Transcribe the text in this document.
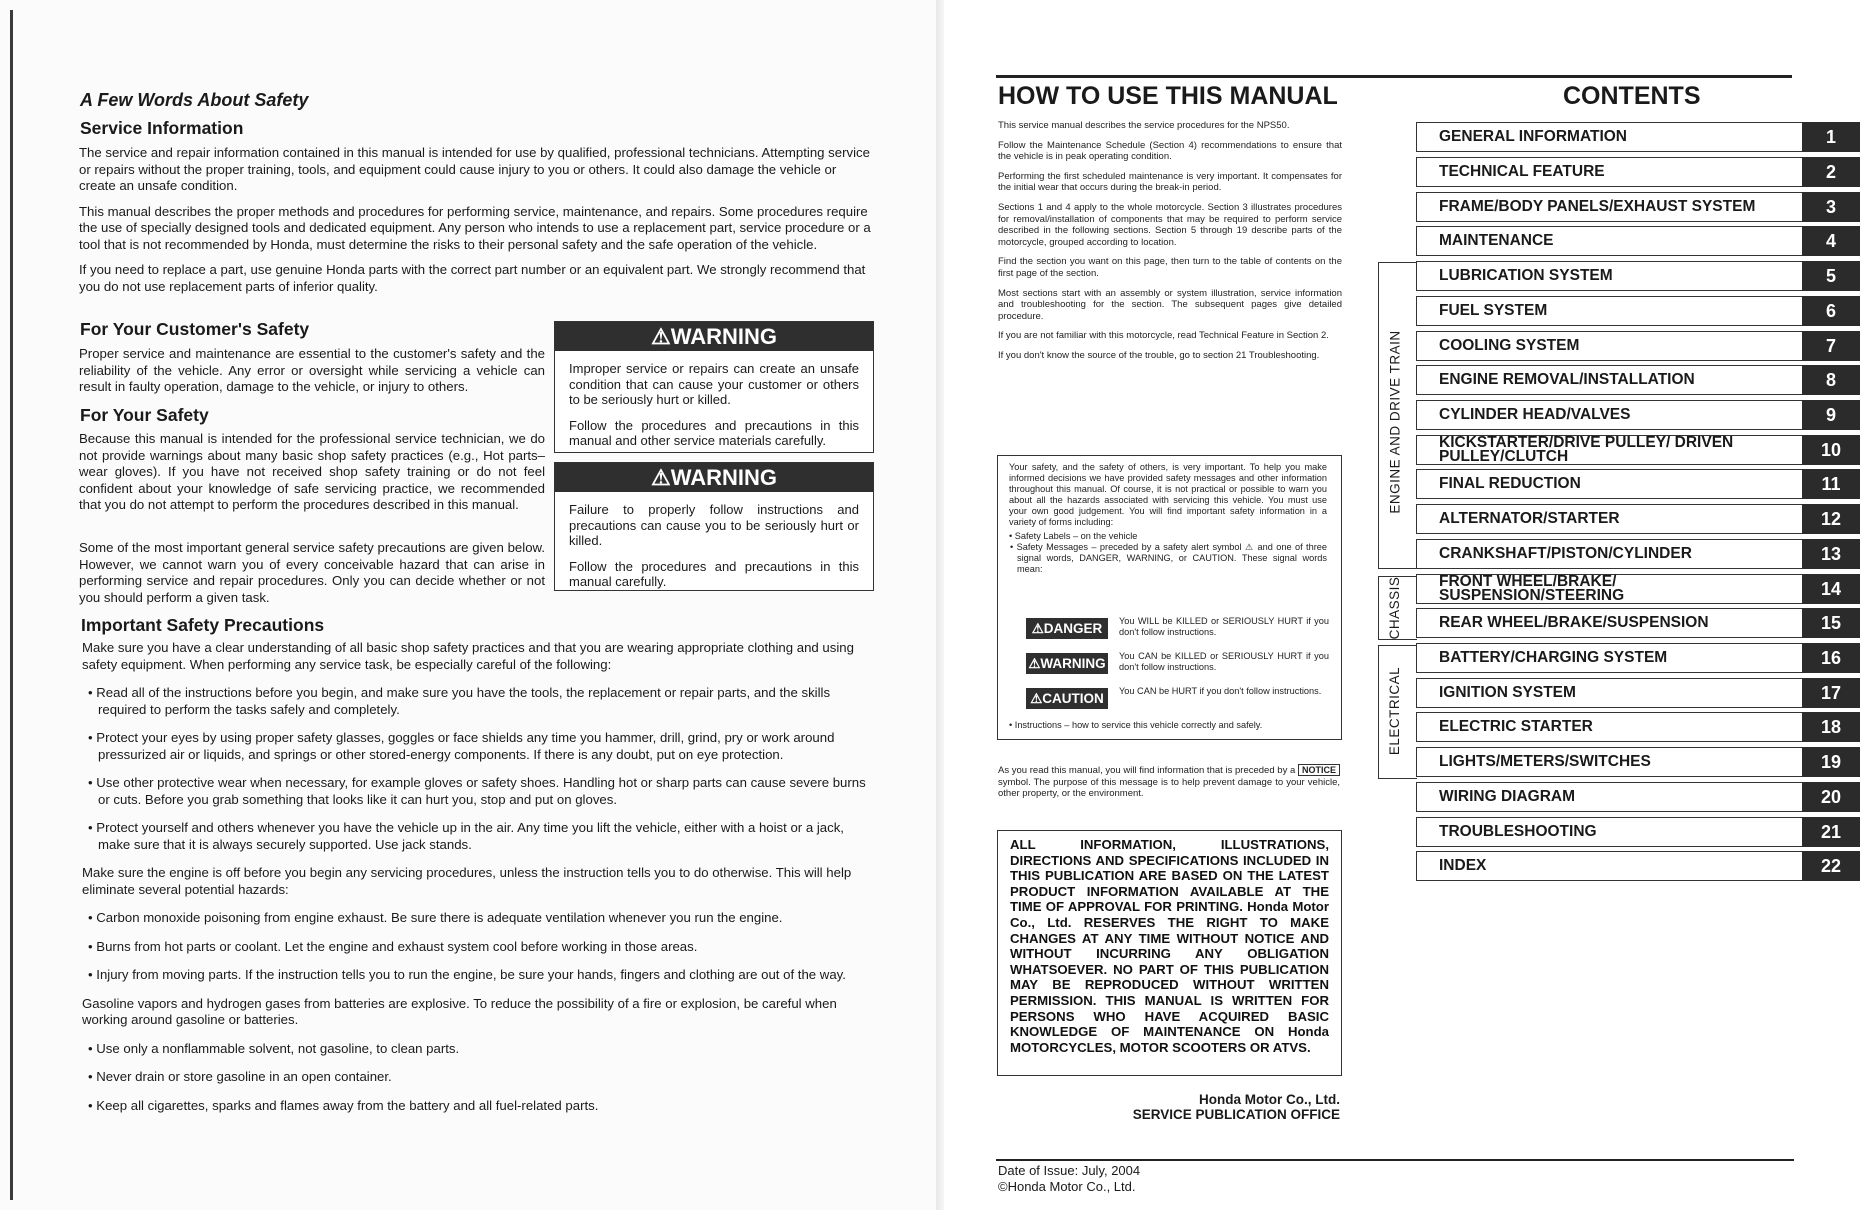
A Few Words About Safety
Service Information

The service and repair information contained in this manual is intended for use by qualified, professional technicians. Attempting service or repairs without the proper training, tools, and equipment could cause injury to you or others. It could also damage the vehicle or create an unsafe condition.

This manual describes the proper methods and procedures for performing service, maintenance, and repairs. Some procedures require the use of specially designed tools and dedicated equipment. Any person who intends to use a replacement part, service procedure or a tool that is not recommended by Honda, must determine the risks to their personal safety and the safe operation of the vehicle.

If you need to replace a part, use genuine Honda parts with the correct part number or an equivalent part. We strongly recommend that you do not use replacement parts of inferior quality.

For Your Customer's Safety

Proper service and maintenance are essential to the customer's safety and the reliability of the vehicle. Any error or oversight while servicing a vehicle can result in faulty operation, damage to the vehicle, or injury to others.

For Your Safety

Because this manual is intended for the professional service technician, we do not provide warnings about many basic shop safety practices (e.g., Hot parts–wear gloves). If you have not received shop safety training or do not feel confident about your knowledge of safe servicing practice, we recommended that you do not attempt to perform the procedures described in this manual.

Some of the most important general service safety precautions are given below. However, we cannot warn you of every conceivable hazard that can arise in performing service and repair procedures. Only you can decide whether or not you should perform a given task.

⚠WARNING

Improper service or repairs can create an unsafe condition that can cause your customer or others to be seriously hurt or killed.

Follow the procedures and precautions in this manual and other service materials carefully.

⚠WARNING

Failure to properly follow instructions and precautions can cause you to be seriously hurt or killed.

Follow the procedures and precautions in this manual carefully.

Important Safety Precautions

Make sure you have a clear understanding of all basic shop safety practices and that you are wearing appropriate clothing and using safety equipment. When performing any service task, be especially careful of the following:

• Read all of the instructions before you begin, and make sure you have the tools, the replacement or repair parts, and the skills required to perform the tasks safely and completely.

• Protect your eyes by using proper safety glasses, goggles or face shields any time you hammer, drill, grind, pry or work around pressurized air or liquids, and springs or other stored-energy components. If there is any doubt, put on eye protection.

• Use other protective wear when necessary, for example gloves or safety shoes. Handling hot or sharp parts can cause severe burns or cuts. Before you grab something that looks like it can hurt you, stop and put on gloves.

• Protect yourself and others whenever you have the vehicle up in the air. Any time you lift the vehicle, either with a hoist or a jack, make sure that it is always securely supported. Use jack stands.

Make sure the engine is off before you begin any servicing procedures, unless the instruction tells you to do otherwise. This will help eliminate several potential hazards:

• Carbon monoxide poisoning from engine exhaust. Be sure there is adequate ventilation whenever you run the engine.

• Burns from hot parts or coolant. Let the engine and exhaust system cool before working in those areas.

• Injury from moving parts. If the instruction tells you to run the engine, be sure your hands, fingers and clothing are out of the way.

Gasoline vapors and hydrogen gases from batteries are explosive. To reduce the possibility of a fire or explosion, be careful when working around gasoline or batteries.

• Use only a nonflammable solvent, not gasoline, to clean parts.

• Never drain or store gasoline in an open container.

• Keep all cigarettes, sparks and flames away from the battery and all fuel-related parts.

HOW TO USE THIS MANUAL

This service manual describes the service procedures for the NPS50.

Follow the Maintenance Schedule (Section 4) recommendations to ensure that the vehicle is in peak operating condition.

Performing the first scheduled maintenance is very important. It compensates for the initial wear that occurs during the break-in period.

Sections 1 and 4 apply to the whole motorcycle. Section 3 illustrates procedures for removal/installation of components that may be required to perform service described in the following sections. Section 5 through 19 describe parts of the motorcycle, grouped according to location.

Find the section you want on this page, then turn to the table of contents on the first page of the section.

Most sections start with an assembly or system illustration, service information and troubleshooting for the section. The subsequent pages give detailed procedure.

If you are not familiar with this motorcycle, read Technical Feature in Section 2.

If you don't know the source of the trouble, go to section 21 Troubleshooting.

Your safety, and the safety of others, is very important. To help you make informed decisions we have provided safety messages and other information throughout this manual. Of course, it is not practical or possible to warn you about all the hazards associated with servicing this vehicle. You must use your own good judgement. You will find important safety information in a variety of forms including:

• Safety Labels – on the vehicle

• Safety Messages – preceded by a safety alert symbol ⚠ and one of three signal words, DANGER, WARNING, or CAUTION. These signal words mean:

⚠DANGER	You WILL be KILLED or SERIOUSLY HURT if you don't follow instructions.

⚠WARNING You CAN be KILLED or SERIOUSLY HURT if you don't follow instructions.

⚠CAUTION	You CAN be HURT if you don't follow instructions.

• Instructions – how to service this vehicle correctly and safely.

As you read this manual, you will find information that is preceded by a NOTICE symbol. The purpose of this message is to help prevent damage to your vehicle, other property, or the environment.

ALL INFORMATION, ILLUSTRATIONS, DIRECTIONS AND SPECIFICATIONS INCLUDED IN THIS PUBLICATION ARE BASED ON THE LATEST PRODUCT INFORMATION AVAILABLE AT THE TIME OF APPROVAL FOR PRINTING. Honda Motor Co., Ltd. RESERVES THE RIGHT TO MAKE CHANGES AT ANY TIME WITHOUT NOTICE AND WITHOUT INCURRING ANY OBLIGATION WHATSOEVER. NO PART OF THIS PUBLICATION MAY BE REPRODUCED WITHOUT WRITTEN PERMISSION. THIS MANUAL IS WRITTEN FOR PERSONS WHO HAVE ACQUIRED BASIC KNOWLEDGE OF MAINTENANCE ON Honda MOTORCYCLES, MOTOR SCOOTERS OR ATVS.

Honda Motor Co., Ltd.
SERVICE PUBLICATION OFFICE
Date of Issue: July, 2004
©Honda Motor Co., Ltd.
CONTENTS
ENGINE AND DRIVE TRAIN
CHASSIS
ELECTRICAL
GENERAL INFORMATION	1
TECHNICAL FEATURE	2
FRAME/BODY PANELS/EXHAUST SYSTEM	3
MAINTENANCE	4
LUBRICATION SYSTEM	5
FUEL SYSTEM	6
COOLING SYSTEM	7
ENGINE REMOVAL/INSTALLATION	8
CYLINDER HEAD/VALVES	9
KICKSTARTER/DRIVE PULLEY/ DRIVEN PULLEY/CLUTCH	10
FINAL REDUCTION	11
ALTERNATOR/STARTER	12
CRANKSHAFT/PISTON/CYLINDER	13
FRONT WHEEL/BRAKE/ SUSPENSION/STEERING	14
REAR WHEEL/BRAKE/SUSPENSION	15
BATTERY/CHARGING SYSTEM	16
IGNITION SYSTEM	17
ELECTRIC STARTER	18
LIGHTS/METERS/SWITCHES	19
WIRING DIAGRAM	20
TROUBLESHOOTING	21
INDEX	22
